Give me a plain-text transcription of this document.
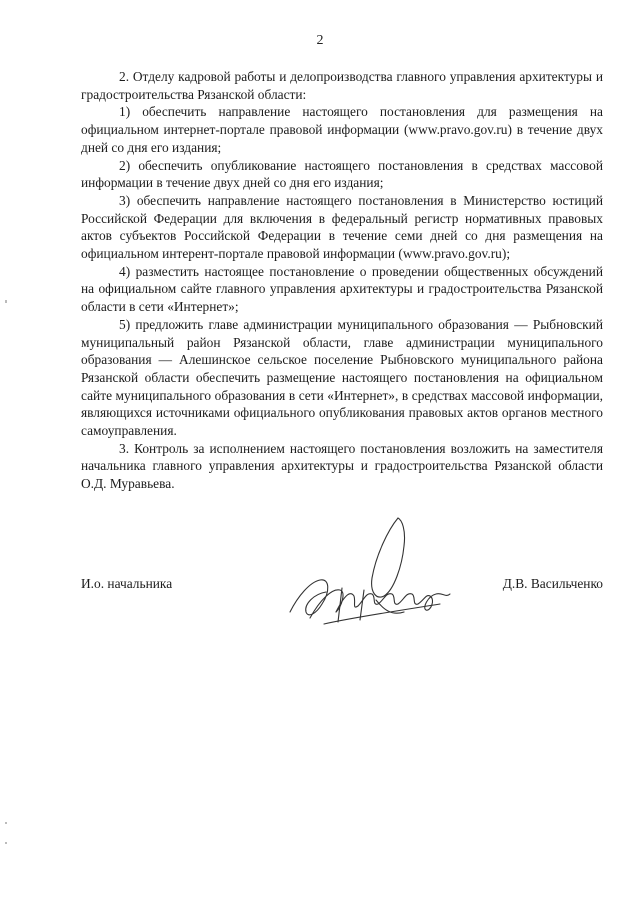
2

2. Отделу кадровой работы и делопроизводства главного управления архитектуры и градостроительства Рязанской области:

1) обеспечить направление настоящего постановления для размещения на официальном интернет-портале правовой информации (www.pravo.gov.ru) в течение двух дней со дня его издания;

2) обеспечить опубликование настоящего постановления в средствах массовой информации в течение двух дней со дня его издания;

3) обеспечить направление настоящего постановления в Министерство юстиций Российской Федерации для включения в федеральный регистр нормативных правовых актов субъектов Российской Федерации в течение семи дней со дня размещения на официальном интерент-портале правовой информации (www.pravo.gov.ru);

4) разместить настоящее постановление о проведении общественных обсуждений на официальном сайте главного управления архитектуры и градостроительства Рязанской области в сети «Интернет»;

5) предложить главе администрации муниципального образования — Рыбновский муниципальный район Рязанской области, главе администрации муниципального образования — Алешинское сельское поселение Рыбновского муниципального района Рязанской области обеспечить размещение настоящего постановления на официальном сайте муниципального образования в сети «Интернет», в средствах массовой информации, являющихся источниками официального опубликования правовых актов органов местного самоуправления.

3. Контроль за исполнением настоящего постановления возложить на заместителя начальника главного управления архитектуры и градостроительства Рязанской области О.Д. Муравьева.

И.о. начальника	Д.В. Васильченко
